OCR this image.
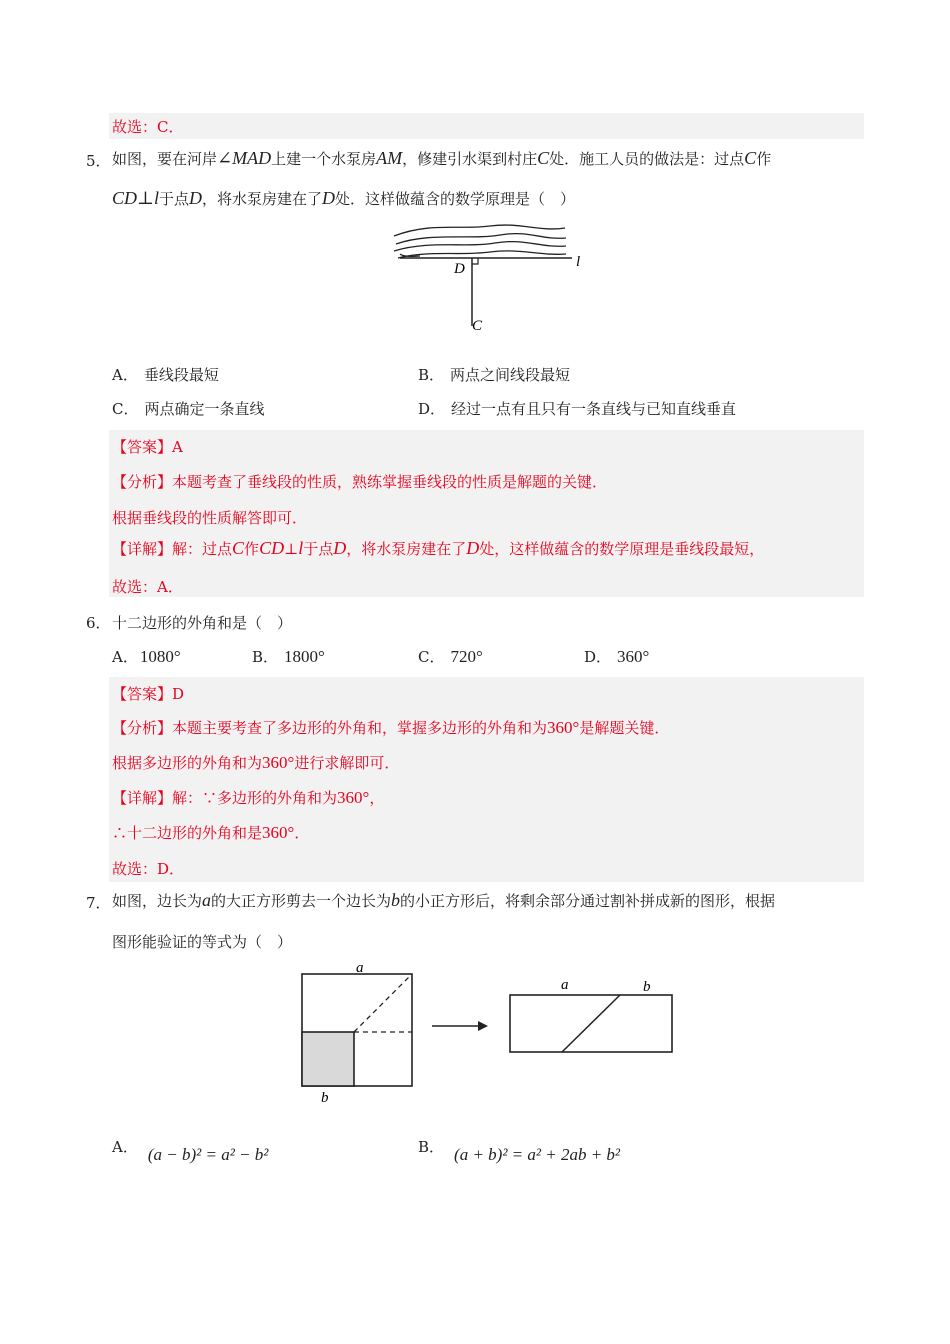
故选：C．
5． 如图，要在河岸∠MAD上建一个水泵房AM，修建引水渠到村庄C处．施工人员的做法是：过点C作
CD⊥l于点D，将水泵房建在了D处．这样做蕴含的数学原理是（　）
D	l
C
A． 垂线段最短	B． 两点之间线段最短
C． 两点确定一条直线	D． 经过一点有且只有一条直线与已知直线垂直
【答案】A
【分析】本题考查了垂线段的性质，熟练掌握垂线段的性质是解题的关键．
根据垂线段的性质解答即可．
【详解】解：过点C作CD⊥l于点D，将水泵房建在了D处，这样做蕴含的数学原理是垂线段最短，
故选：A．
6． 十二边形的外角和是（　）
A． 1080°	B． 1800°	C． 720°	D． 360°
【答案】D
【分析】本题主要考查了多边形的外角和，掌握多边形的外角和为360°是解题关键．
根据多边形的外角和为360°进行求解即可．
【详解】解：∵多边形的外角和为360°，
∴十二边形的外角和是360°．
故选：D．
7． 如图，边长为a的大正方形剪去一个边长为b的小正方形后，将剩余部分通过割补拼成新的图形，根据
图形能验证的等式为（　）
a
b
a	b
A． (a − b)² = a² − b²	B． (a + b)² = a² + 2ab + b²
